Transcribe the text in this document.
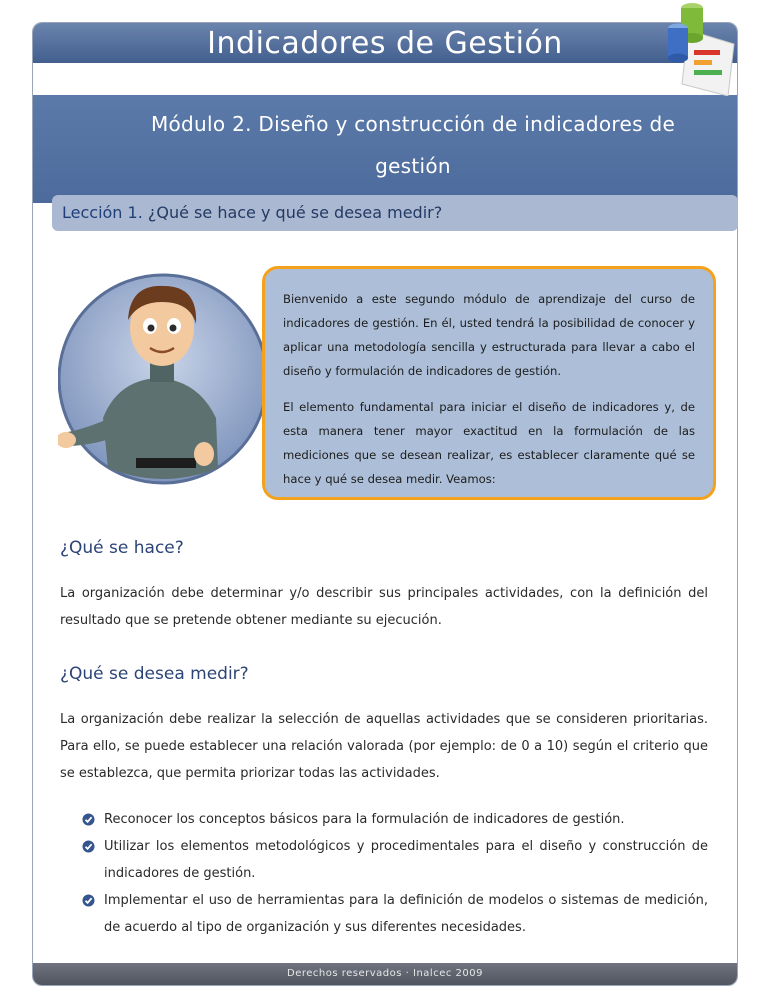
Indicadores de Gestión
Módulo 2. Diseño y construcción de indicadores de gestión
Derechos reservados · Inalcec 2009
Lección 1. ¿Qué se hace y qué se desea medir?

Bienvenido a este segundo módulo de aprendizaje del curso de indicadores de gestión. En él, usted tendrá la posibilidad de conocer y aplicar una metodología sencilla y estructurada para llevar a cabo el diseño y formulación de indicadores de gestión.

El elemento fundamental para iniciar el diseño de indicadores y, de esta manera tener mayor exactitud en la formulación de las mediciones que se desean realizar, es establecer claramente qué se hace y qué se desea medir. Veamos:

¿Qué se hace?
La organización debe determinar y/o describir sus principales actividades, con la definición del resultado que se pretende obtener mediante su ejecución.
¿Qué se desea medir?
La organización debe realizar la selección de aquellas actividades que se consideren prioritarias. Para ello, se puede establecer una relación valorada (por ejemplo: de 0 a 10) según el criterio que se establezca, que permita priorizar todas las actividades.
Reconocer los conceptos básicos para la formulación de indicadores de gestión.
Utilizar los elementos metodológicos y procedimentales para el diseño y construcción de indicadores de gestión.
Implementar el uso de herramientas para la definición de modelos o sistemas de medición, de acuerdo al tipo de organización y sus diferentes necesidades.
